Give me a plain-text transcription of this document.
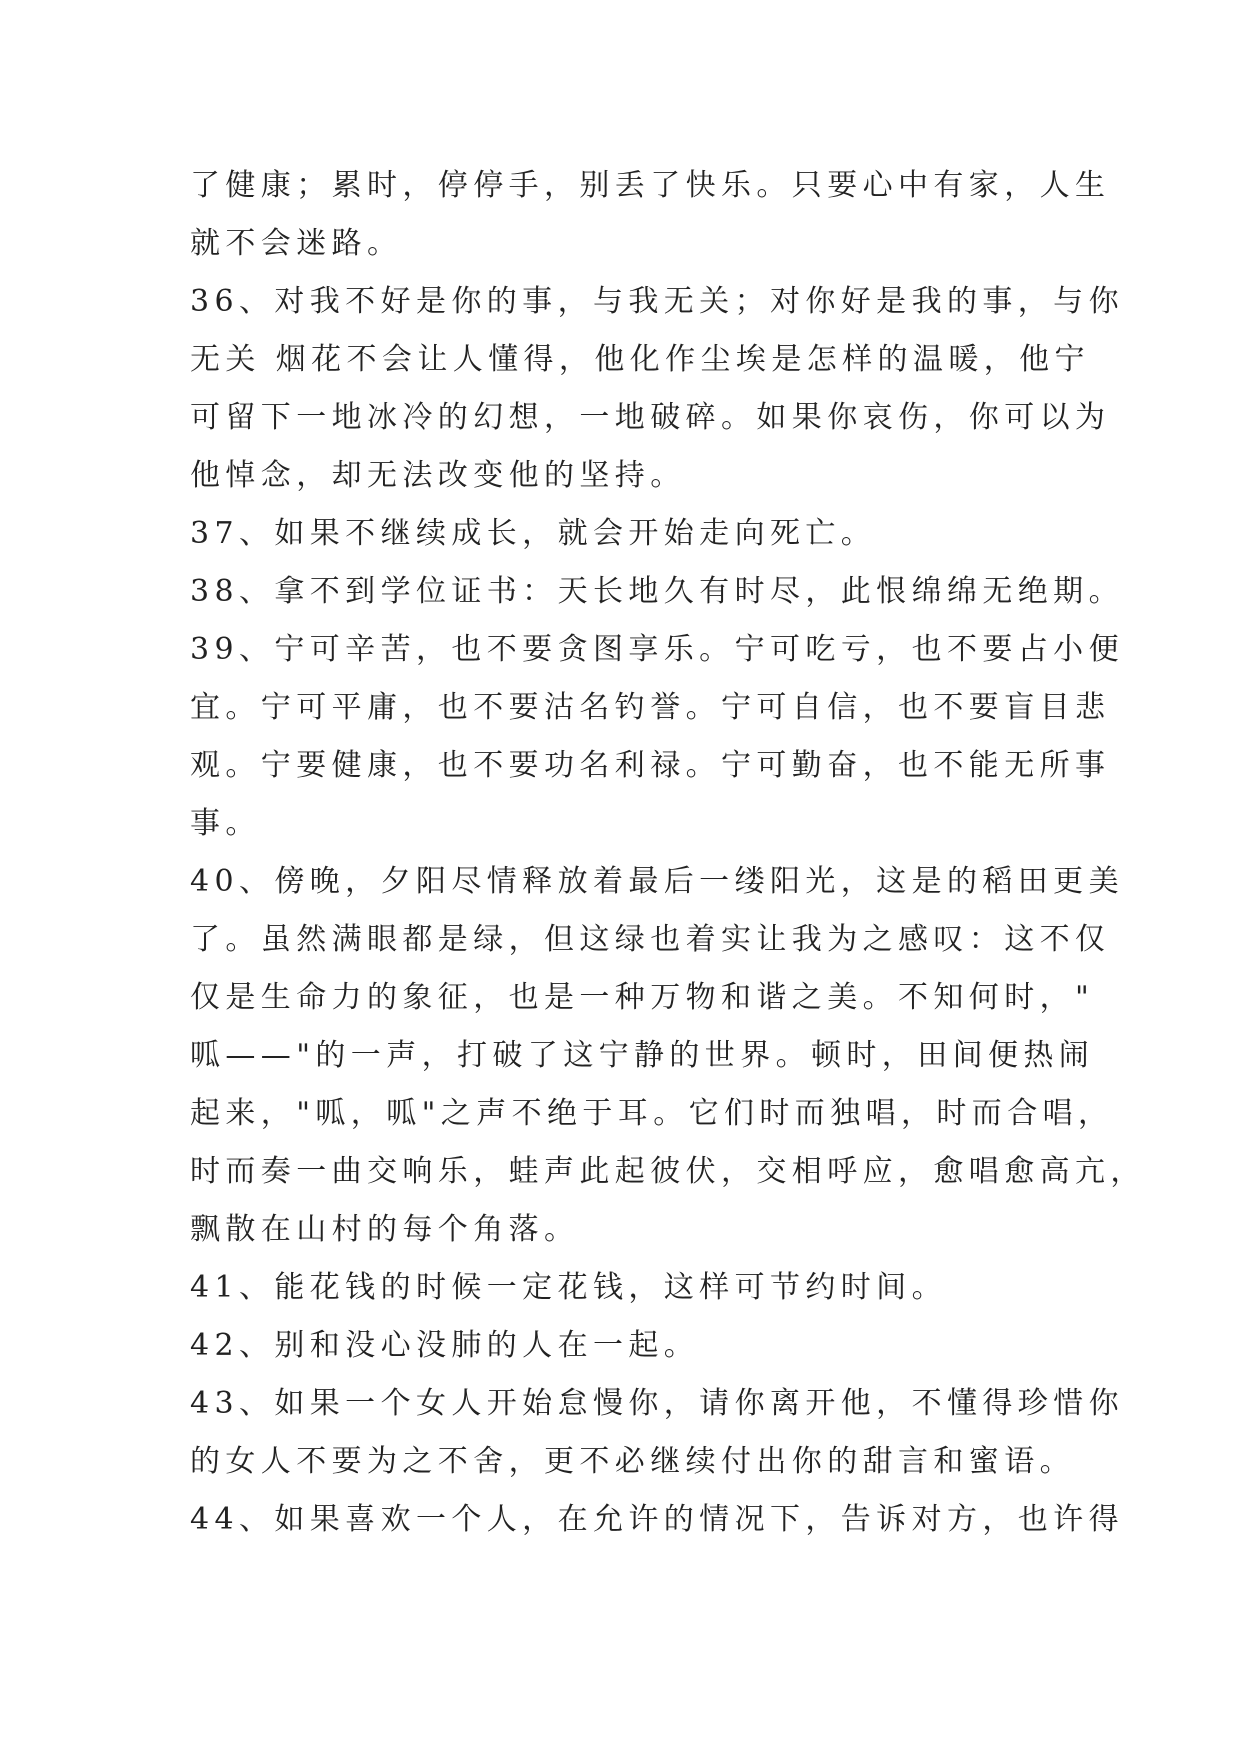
了健康；累时，停停手，别丢了快乐。只要心中有家，人生
就不会迷路。
36、对我不好是你的事，与我无关；对你好是我的事，与你
无关 烟花不会让人懂得，他化作尘埃是怎样的温暖，他宁
可留下一地冰冷的幻想，一地破碎。如果你哀伤，你可以为
他悼念，却无法改变他的坚持。
37、如果不继续成长，就会开始走向死亡。
38、拿不到学位证书：天长地久有时尽，此恨绵绵无绝期。
39、宁可辛苦，也不要贪图享乐。宁可吃亏，也不要占小便
宜。宁可平庸，也不要沽名钓誉。宁可自信，也不要盲目悲
观。宁要健康，也不要功名利禄。宁可勤奋，也不能无所事
事。
40、傍晚，夕阳尽情释放着最后一缕阳光，这是的稻田更美
了。虽然满眼都是绿，但这绿也着实让我为之感叹：这不仅
仅是生命力的象征，也是一种万物和谐之美。不知何时，"
呱——"的一声，打破了这宁静的世界。顿时，田间便热闹
起来，"呱，呱"之声不绝于耳。它们时而独唱，时而合唱，
时而奏一曲交响乐，蛙声此起彼伏，交相呼应，愈唱愈高亢，
飘散在山村的每个角落。
41、能花钱的时候一定花钱，这样可节约时间。
42、别和没心没肺的人在一起。
43、如果一个女人开始怠慢你，请你离开他，不懂得珍惜你
的女人不要为之不舍，更不必继续付出你的甜言和蜜语。
44、如果喜欢一个人，在允许的情况下，告诉对方，也许得
